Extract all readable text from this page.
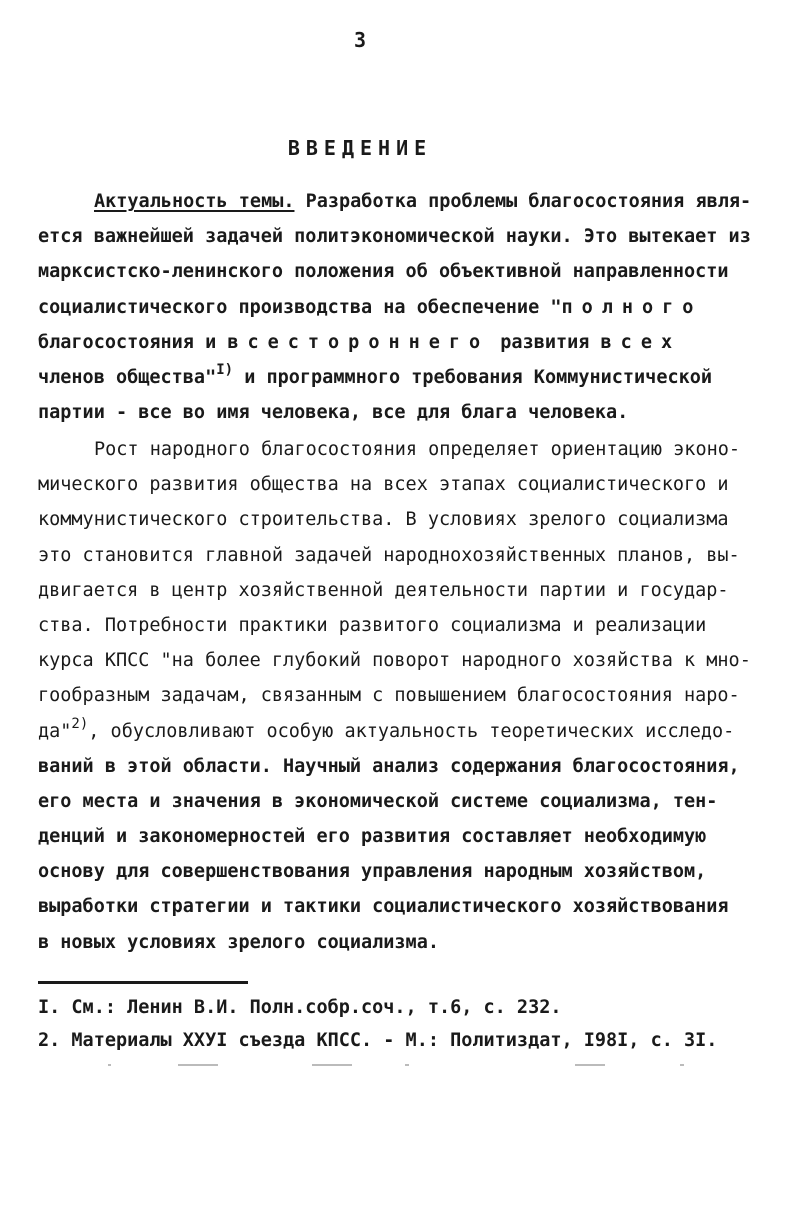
3
ВВЕДЕНИЕ
Актуальность темы. Разработка проблемы благосостояния явля-
ется важнейшей задачей политэкономической науки. Это вытекает из
марксистско-ленинского положения об объективной направленности
социалистического производства на обеспечение "полного
благосостояния и всестороннего развития всех
членов общества"$^{I)}$ и программного требования Коммунистической
партии - все во имя человека, все для блага человека.
Рост народного благосостояния определяет ориентацию эконо-
мического развития общества на всех этапах социалистического и
коммунистического строительства. В условиях зрелого социализма
это становится главной задачей народнохозяйственных планов, вы-
двигается в центр хозяйственной деятельности партии и государ-
ства. Потребности практики развитого социализма и реализации
курса КПСС "на более глубокий поворот народного хозяйства к мно-
гообразным задачам, связанным с повышением благосостояния наро-
да"$^{2)}$, обусловливают особую актуальность теоретических исследо-
ваний в этой области. Научный анализ содержания благосостояния,
его места и значения в экономической системе социализма, тен-
денций и закономерностей его развития составляет необходимую
основу для совершенствования управления народным хозяйством,
выработки стратегии и тактики социалистического хозяйствования
в новых условиях зрелого социализма.
I. См.: Ленин В.И. Полн.собр.соч., т.6, с. 232.
2. Материалы ХХУI съезда КПСС. - М.: Политиздат, I98I, с. 3I.
